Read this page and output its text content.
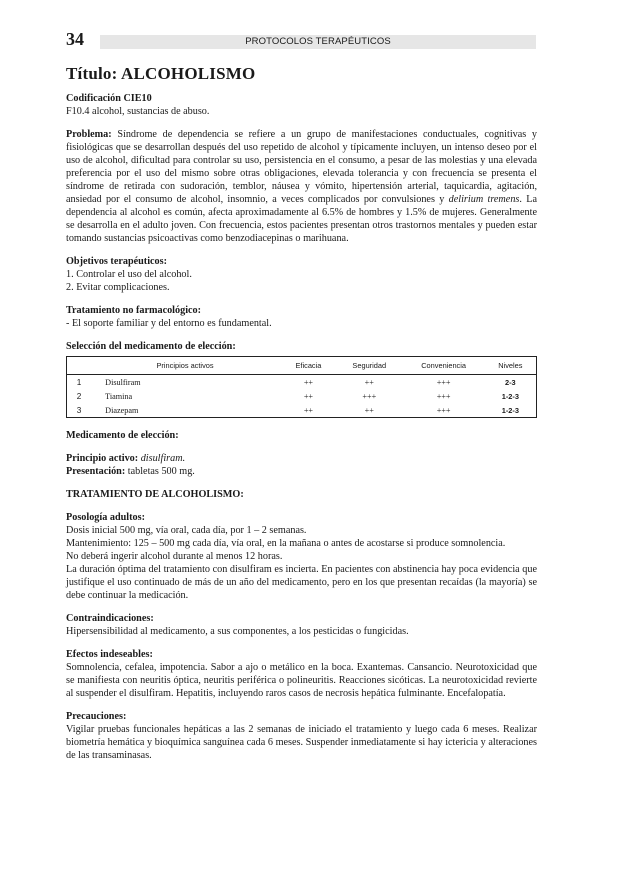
34	PROTOCOLOS TERAPÉUTICOS
Título: ALCOHOLISMO

Codificación CIE10

F10.4 alcohol, sustancias de abuso.

Problema: Síndrome de dependencia se refiere a un grupo de manifestaciones conductuales, cognitivas y fisiológicas que se desarrollan después del uso repetido de alcohol y típicamente incluyen, un intenso deseo por el uso de alcohol, dificultad para controlar su uso, persistencia en el consumo, a pesar de las molestias y una elevada preferencia por el uso del mismo sobre otras obligaciones, elevada tolerancia y con frecuencia se presenta el síndrome de retirada con sudoración, temblor, náusea y vómito, hipertensión arterial, taquicardia, agitación, ansiedad por el consumo de alcohol, insomnio, a veces complicados por convulsiones y delirium tremens. La dependencia al alcohol es común, afecta aproximadamente al 6.5% de hombres y 1.5% de mujeres. Generalmente se desarrolla en el adulto joven. Con frecuencia, estos pacientes presentan otros trastornos mentales y pueden estar tomando sustancias psicoactivas como benzodiacepinas o marihuana.

Objetivos terapéuticos:

1. Controlar el uso del alcohol.

2. Evitar complicaciones.

Tratamiento no farmacológico:

- El soporte familiar y del entorno es fundamental.

Selección del medicamento de elección:

	Principios activos	Eficacia	Seguridad	Conveniencia	Niveles
1	Disulfiram	++	++	+++	2-3
2	Tiamina	++	+++	+++	1-2-3
3	Diazepam	++	++	+++	1-2-3

Medicamento de elección:

Principio activo: disulfiram.

Presentación: tabletas 500 mg.

TRATAMIENTO DE ALCOHOLISMO:

Posología adultos:

Dosis inicial 500 mg, vía oral, cada día, por 1 – 2 semanas.

Mantenimiento: 125 – 500 mg cada día, vía oral, en la mañana o antes de acostarse si produce somnolencia.

No deberá ingerir alcohol durante al menos 12 horas.

La duración óptima del tratamiento con disulfiram es incierta. En pacientes con abstinencia hay poca evidencia que justifique el uso continuado de más de un año del medicamento, pero en los que presentan recaídas (la mayoría) se debe continuar la medicación.

Contraindicaciones:

Hipersensibilidad al medicamento, a sus componentes, a los pesticidas o fungicidas.

Efectos indeseables:

Somnolencia, cefalea, impotencia. Sabor a ajo o metálico en la boca. Exantemas. Cansancio. Neurotoxicidad que se manifiesta con neuritis óptica, neuritis periférica o polineuritis. Reacciones sicóticas. La neurotoxicidad revierte al suspender el disulfiram. Hepatitis, incluyendo raros casos de necrosis hepática fulminante. Encefalopatía.

Precauciones:

Vigilar pruebas funcionales hepáticas a las 2 semanas de iniciado el tratamiento y luego cada 6 meses. Realizar biometría hemática y bioquímica sanguínea cada 6 meses. Suspender inmediatamente si hay ictericia y alteraciones de las transaminasas.
